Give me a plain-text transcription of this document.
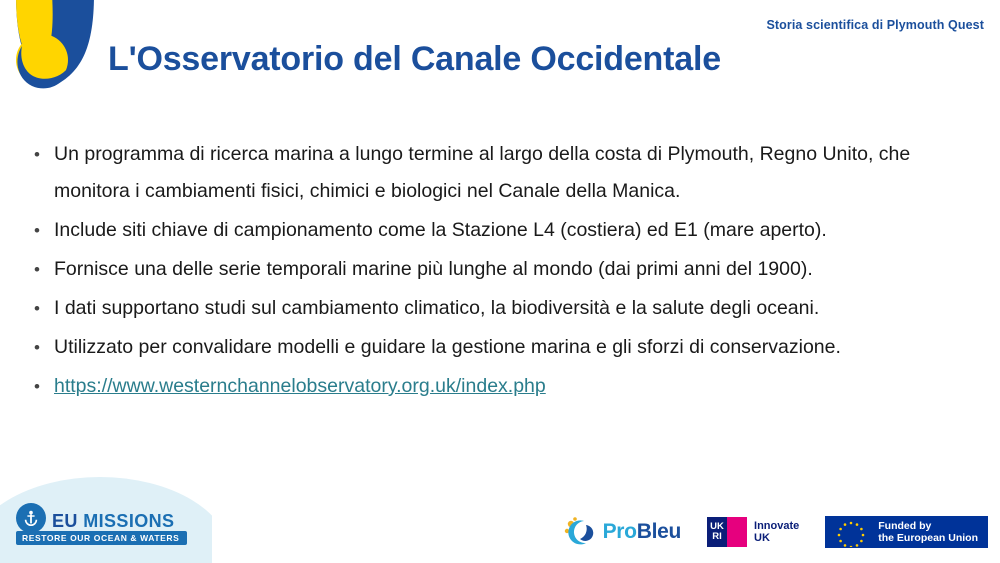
Storia scientifica di Plymouth Quest
L'Osservatorio del Canale Occidentale
• Un programma di ricerca marina a lungo termine al largo della costa di Plymouth, Regno Unito, che monitora i cambiamenti fisici, chimici e biologici nel Canale della Manica.
• Include siti chiave di campionamento come la Stazione L4 (costiera) ed E1 (mare aperto).
• Fornisce una delle serie temporali marine più lunghe al mondo (dai primi anni del 1900).
• I dati supportano studi sul cambiamento climatico, la biodiversità e la salute degli oceani.
• Utilizzato per convalidare modelli e guidare la gestione marina e gli sforzi di conservazione.
• https://www.westernchannelobservatory.org.uk/index.php
EU MISSIONS
RESTORE OUR OCEAN & WATERS	ProBleu	UK
RI
Innovate
UK
Funded by
the European Union
